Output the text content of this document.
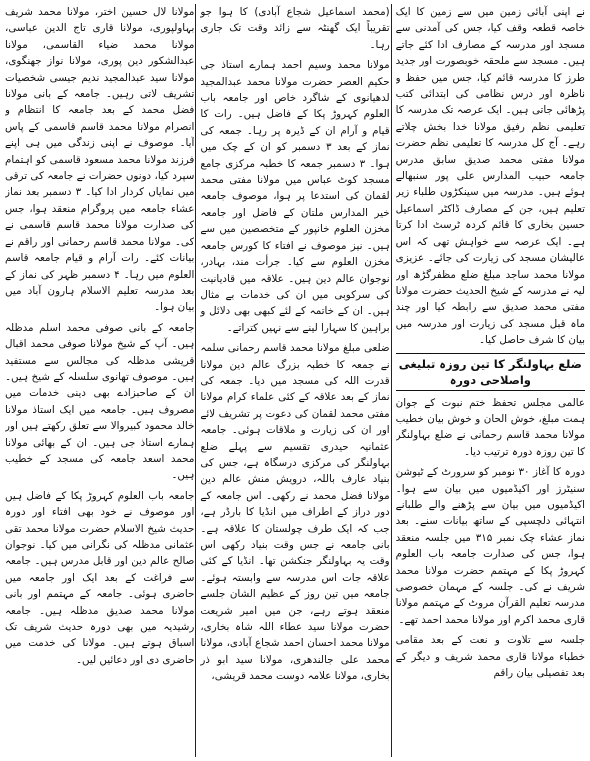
نے اپنی آبائی زمین میں سے زمین کا ایک خاصہ قطعہ وقف کیا، جس کی آمدنی سے مسجد اور مدرسہ کے مصارف ادا کئے جاتے ہیں۔ مسجد سے ملحقہ خوبصورت اور جدید طرز کا مدرسہ قائم کیا، جس میں حفظ و ناظرہ اور درس نظامی کی ابتدائی کتب پڑھائی جاتی ہیں۔ ایک عرصہ تک مدرسہ کا تعلیمی نظم رفیق مولانا خدا بخش چلاتے رہے۔ آج کل مدرسہ کا تعلیمی نظم حضرت مولانا مفتی محمد صدیق سابق مدرس جامعہ حبیب المدارس علی پور سنبھالے ہوئے ہیں۔ مدرسہ میں سینکڑوں طلباء زیر تعلیم ہیں، جن کے مصارف ڈاکٹر اسماعیل حسین بخاری کا قائم کردہ ٹرسٹ ادا کرتا ہے۔ ایک عرصہ سے خواہش تھی کہ اس عالیشان مسجد کی زیارت کی جائے۔ عزیزی مولانا محمد ساجد مبلغ ضلع مظفرگڑھ اور لیہ نے مدرسہ کے شیخ الحدیث حضرت مولانا مفتی محمد صدیق سے رابطہ کیا اور چند ماہ قبل مسجد کی زیارت اور مدرسہ میں بیان کا شرف حاصل کیا۔

ضلع بہاولنگر کا تین روزہ تبلیغی واصلاحی دورہ

عالمی مجلس تحفظ ختم نبوت کے جوان ہمت مبلغ، خوش الحان و خوش بیان خطیب مولانا محمد قاسم رحمانی نے ضلع بہاولنگر کا تین روزہ دورہ ترتیب دیا۔

دورہ کا آغاز ۳۰ نومبر کو سرورٹ کے ٹیوشن سنیٹرز اور اکیڈمیوں میں بیان سے ہوا۔ اکیڈمیوں میں بیان سے پڑھنے والے طلبانے انتہائی دلچسپی کے ساتھ بیانات سنے۔ بعد نماز عشاء چک نمبر ۳۱۵ میں جلسہ منعقد ہوا، جس کی صدارت جامعہ باب العلوم کہروڑ پکا کے مہتمم حضرت مولانا محمد شریف نے کی۔ جلسہ کے مہمان خصوصی مدرسہ تعلیم القرآن مروٹ کے مہتمم مولانا قاری محمد اکرم اور مولانا محمد احمد تھے۔

جلسہ سے تلاوت و نعت کے بعد مقامی خطباء مولانا قاری محمد شریف و دیگر کے بعد تفصیلی بیان راقم

(محمد اسماعیل شجاع آبادی) کا ہوا جو تقریباً ایک گھنٹہ سے زائد وقت تک جاری رہا۔

مولانا محمد وسیم احمد ہمارے استاذ جی حکیم العصر حضرت مولانا محمد عبدالمجید لدھیانوی کے شاگرد خاص اور جامعہ باب العلوم کہروڑ پکا کے فاضل ہیں۔ رات کا قیام و آرام ان کے ڈیرہ پر رہا۔ جمعہ کی نماز کے بعد ۳ دسمبر کو ان کے چک میں ہوا۔ ۳ دسمبر جمعہ کا خطبہ مرکزی جامع مسجد کوٹ عباس میں مولانا مفتی محمد لقمان کی استدعا پر ہوا، موصوف جامعہ خیر المدارس ملتان کے فاضل اور جامعہ مخزن العلوم خانپور کے متخصصین میں سے ہیں۔ نیز موصوف نے افتاء کا کورس جامعہ مخزن العلوم سے کیا۔ جرأت مند، بہادر، نوجوان عالم دین ہیں۔ علاقہ میں قادیانیت کی سرکوبی میں ان کی خدمات بے مثال ہیں۔ ان کے خاتمہ کے لئے کبھی بھی دلائل و براہین کا سہارا لینے سے نہیں کتراتے۔

ضلعی مبلغ مولانا محمد قاسم رحمانی سلمہ نے جمعہ کا خطبہ بزرگ عالم دین مولانا قدرت اللہ کی مسجد میں دیا۔ جمعہ کی نماز کے بعد علاقہ کے کئی علماء کرام مولانا مفتی محمد لقمان کی دعوت پر تشریف لائے اور ان کی زیارت و ملاقات ہوئی۔ جامعہ عثمانیہ حیدری تقسیم سے پہلے ضلع بہاولنگر کی مرکزی درسگاہ ہے، جس کی بنیاد عارف باللہ، درویش منش عالم دین مولانا فضل محمد نے رکھی۔ اس جامعہ کے دور دراز کے اطراف میں انڈیا کا بارڈر ہے، جب کہ ایک طرف چولستان کا علاقہ ہے۔ بانی جامعہ نے جس وقت بنیاد رکھی اس وقت یہ بہاولنگر جنکشن تھا۔ انڈیا کے کئی علاقہ جات اس مدرسہ سے وابستہ ہوئے۔ جامعہ میں تین روز کے عظیم الشان جلسے منعقد ہوتے رہے، جن میں امیر شریعت حضرت مولانا سید عطاء اللہ شاہ بخاری، مولانا محمد احسان احمد شجاع آبادی، مولانا محمد علی جالندھری، مولانا سید ابو ذر بخاری، مولانا علامہ دوست محمد قریشی،

مولانا لال حسین اختر، مولانا محمد شریف بہاولپوری، مولانا قاری تاج الدین عباسی، مولانا محمد ضیاء القاسمی، مولانا عبدالشکور دین پوری، مولانا نواز جھنگوی، مولانا سید عبدالمجید ندیم جیسی شخصیات تشریف لاتی رہیں۔ جامعہ کے بانی مولانا فضل محمد کے بعد جامعہ کا انتظام و انصرام مولانا محمد قاسم قاسمی کے پاس آیا۔ موصوف نے اپنی زندگی میں ہی اپنے فرزند مولانا محمد مسعود قاسمی کو اہتمام سپرد کیا، دونوں حضرات نے جامعہ کی ترقی میں نمایاں کردار ادا کیا۔ ۳ دسمبر بعد نماز عشاء جامعہ میں پروگرام منعقد ہوا، جس کی صدارت مولانا محمد قاسم قاسمی نے کی۔ مولانا محمد قاسم رحمانی اور راقم نے بیانات کئے۔ رات آرام و قیام جامعہ قاسم العلوم میں رہا۔ ۴ دسمبر ظہر کی نماز کے بعد مدرسہ تعلیم الاسلام ہارون آباد میں بیان ہوا۔

جامعہ کے بانی صوفی محمد اسلم مدظلہ ہیں۔ آپ کے شیخ مولانا صوفی محمد اقبال قریشی مدظلہ کی مجالس سے مستفید ہیں۔ موصوف تھانوی سلسلہ کے شیخ ہیں۔ ان کے صاحبزادے بھی دینی خدمات میں مصروف ہیں۔ جامعہ میں ایک استاذ مولانا خالد محمود کبیروالا سے تعلق رکھتے ہیں اور ہمارے استاذ جی ہیں۔ ان کے بھائی مولانا محمد اسعد جامعہ کی مسجد کے خطیب ہیں۔

جامعہ باب العلوم کہروڑ پکا کے فاضل ہیں اور موصوف نے خود بھی افتاء اور دورہ حدیث شیخ الاسلام حضرت مولانا محمد تقی عثمانی مدظلہ کی نگرانی میں کیا۔ نوجوان صالح عالم دین اور قابل مدرس ہیں۔ جامعہ سے فراغت کے بعد ایک اور جامعہ میں حاضری ہوئی۔ جامعہ کے مہتمم اور بانی مولانا محمد صدیق مدظلہ ہیں۔ جامعہ رشیدیہ میں بھی دورہ حدیث شریف تک اسباق ہوتے ہیں۔ مولانا کی خدمت میں حاضری دی اور دعائیں لیں۔
